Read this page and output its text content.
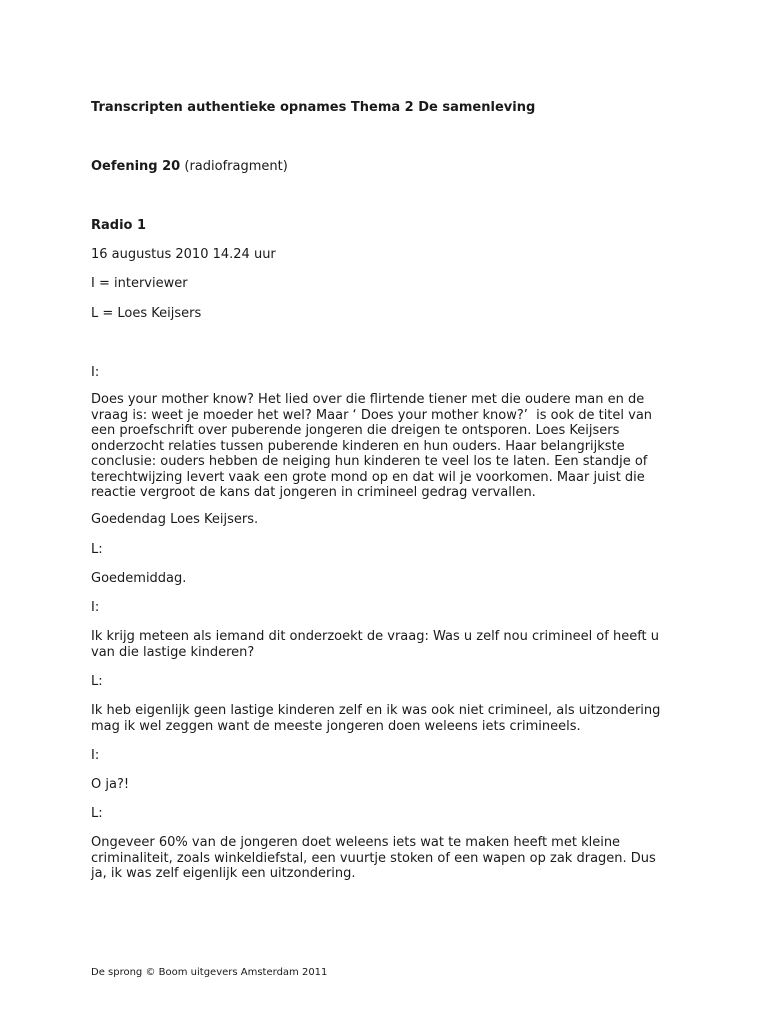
Transcripten authentieke opnames Thema 2 De samenleving
Oefening 20 (radiofragment)
Radio 1
16 augustus 2010 14.24 uur
I = interviewer
L = Loes Keijsers
I:
Does your mother know? Het lied over die flirtende tiener met die oudere man en de
vraag is: weet je moeder het wel? Maar ‘ Does your mother know?’  is ook de titel van
een proefschrift over puberende jongeren die dreigen te ontsporen. Loes Keijsers
onderzocht relaties tussen puberende kinderen en hun ouders. Haar belangrijkste
conclusie: ouders hebben de neiging hun kinderen te veel los te laten. Een standje of
terechtwijzing levert vaak een grote mond op en dat wil je voorkomen. Maar juist die
reactie vergroot de kans dat jongeren in crimineel gedrag vervallen.
Goedendag Loes Keijsers.
L:
Goedemiddag.
I:
Ik krijg meteen als iemand dit onderzoekt de vraag: Was u zelf nou crimineel of heeft u
van die lastige kinderen?
L:
Ik heb eigenlijk geen lastige kinderen zelf en ik was ook niet crimineel, als uitzondering
mag ik wel zeggen want de meeste jongeren doen weleens iets crimineels.
I:
O ja?!
L:
Ongeveer 60% van de jongeren doet weleens iets wat te maken heeft met kleine
criminaliteit, zoals winkeldiefstal, een vuurtje stoken of een wapen op zak dragen. Dus
ja, ik was zelf eigenlijk een uitzondering.
De sprong © Boom uitgevers Amsterdam 2011
